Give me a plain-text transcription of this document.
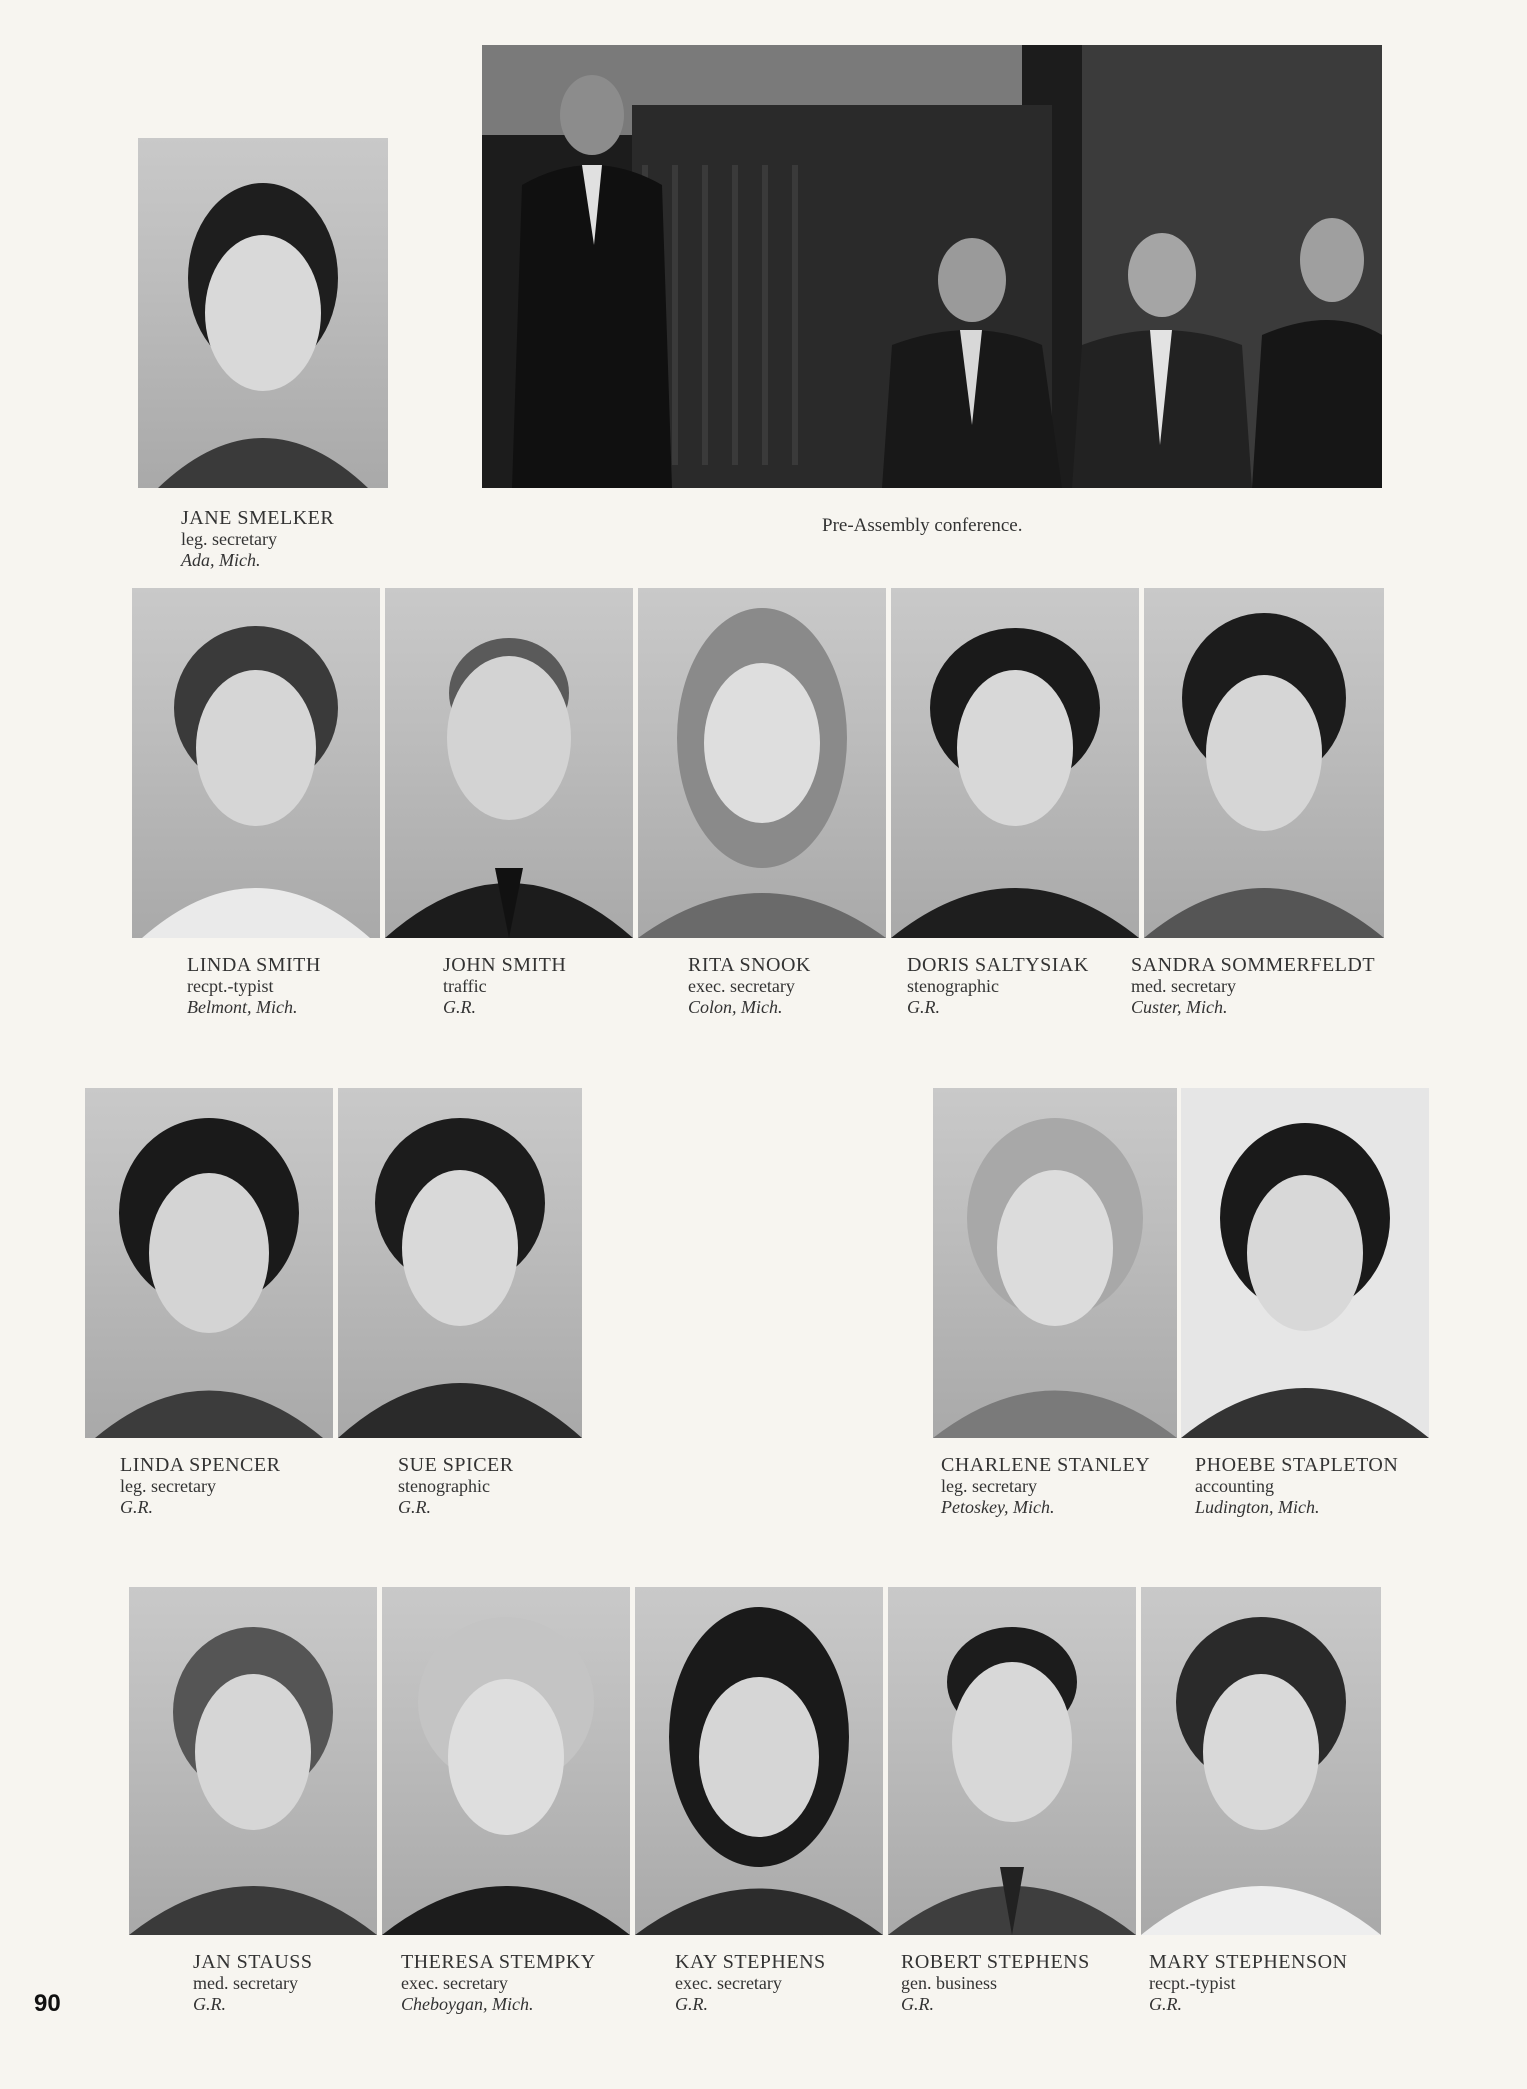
Pre-Assembly conference.
JANE SMELKER
leg. secretary
Ada, Mich.
LINDA SMITH
recpt.-typist
Belmont, Mich.
JOHN SMITH
traffic
G.R.
RITA SNOOK
exec. secretary
Colon, Mich.
DORIS SALTYSIAK
stenographic
G.R.
SANDRA SOMMERFELDT
med. secretary
Custer, Mich.
LINDA SPENCER
leg. secretary
G.R.
SUE SPICER
stenographic
G.R.
CHARLENE STANLEY
leg. secretary
Petoskey, Mich.
PHOEBE STAPLETON
accounting
Ludington, Mich.
JAN STAUSS
med. secretary
G.R.
THERESA STEMPKY
exec. secretary
Cheboygan, Mich.
KAY STEPHENS
exec. secretary
G.R.
ROBERT STEPHENS
gen. business
G.R.
MARY STEPHENSON
recpt.-typist
G.R.
90
